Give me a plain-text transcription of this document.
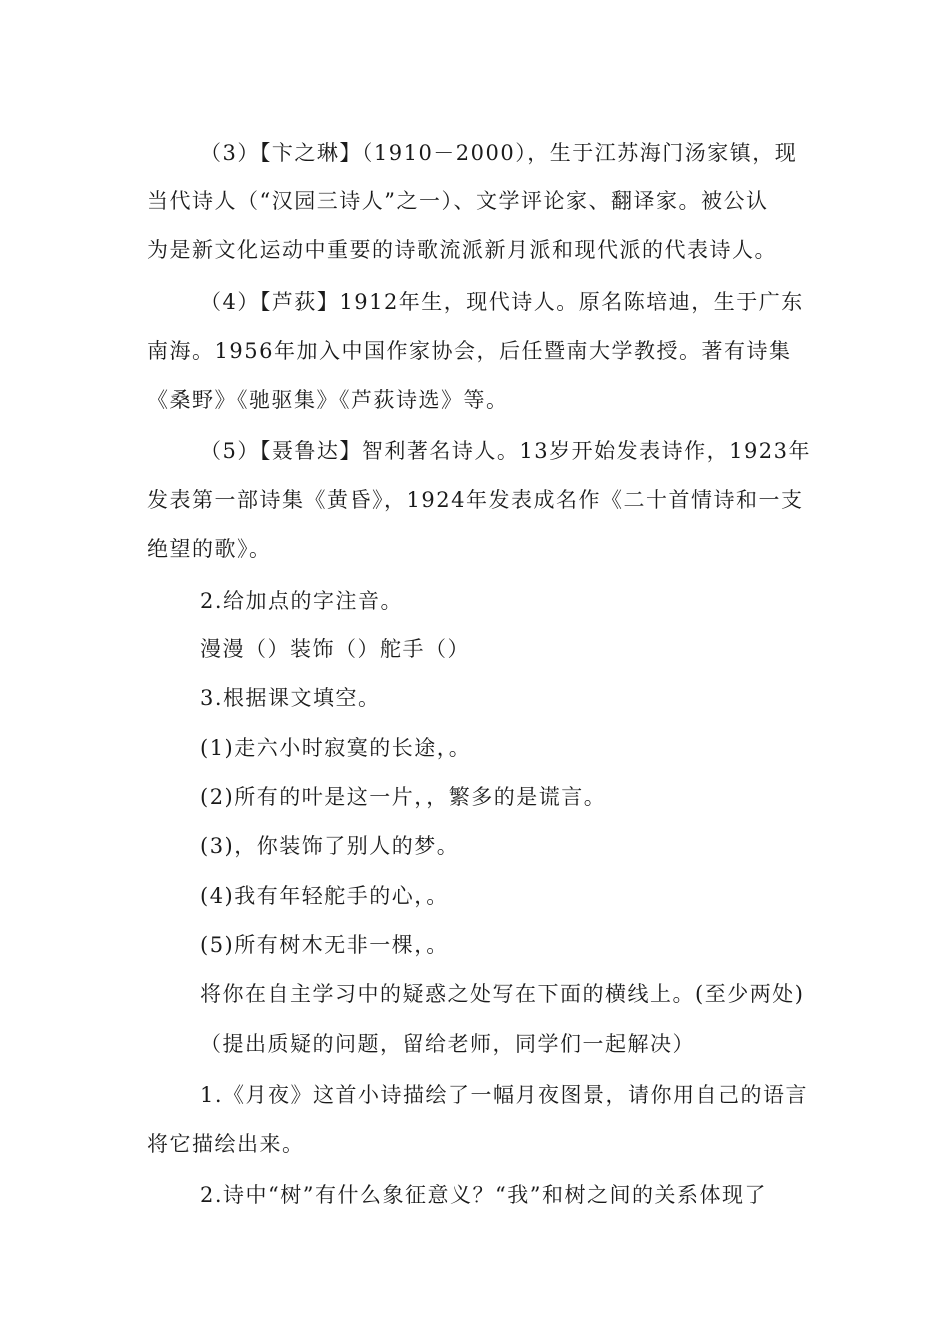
（3）【卞之琳】（1910－2000），生于江苏海门汤家镇，现
当代诗人（“汉园三诗人”之一）、文学评论家、翻译家。被公认
为是新文化运动中重要的诗歌流派新月派和现代派的代表诗人。
（4）【芦荻】1912年生，现代诗人。原名陈培迪，生于广东
南海。1956年加入中国作家协会，后任暨南大学教授。著有诗集
《桑野》《驰驱集》《芦荻诗选》等。
（5）【聂鲁达】智利著名诗人。13岁开始发表诗作，1923年
发表第一部诗集《黄昏》，1924年发表成名作《二十首情诗和一支
绝望的歌》。
2.给加点的字注音。
漫漫（）装饰（）舵手（）
3.根据课文填空。
(1)走六小时寂寞的长途，。
(2)所有的叶是这一片，，繁多的是谎言。
(3)，你装饰了别人的梦。
(4)我有年轻舵手的心，。
(5)所有树木无非一棵，。
将你在自主学习中的疑惑之处写在下面的横线上。(至少两处)
（提出质疑的问题，留给老师，同学们一起解决）
1.《月夜》这首小诗描绘了一幅月夜图景，请你用自己的语言
将它描绘出来。
2.诗中“树”有什么象征意义？“我”和树之间的关系体现了
